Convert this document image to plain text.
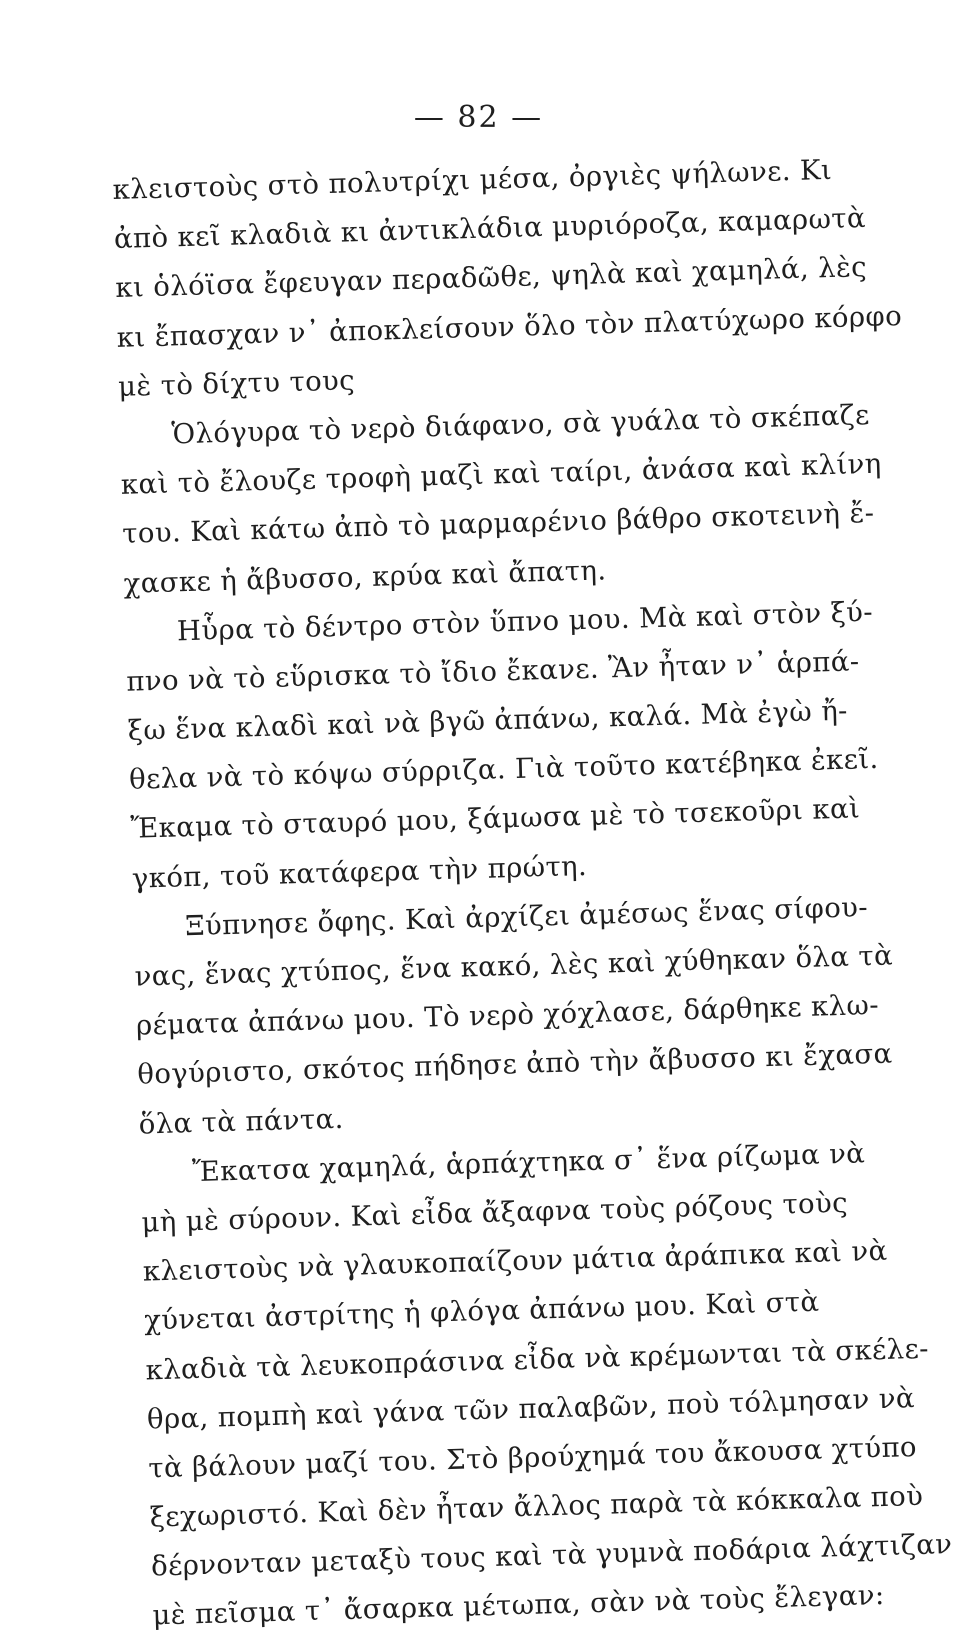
— 82 —
κλειστοὺς στὸ πολυτρίχι μέσα, ὀργιὲς ψήλωνε. Κι
ἀπὸ κεῖ κλαδιὰ κι ἀντικλάδια μυριόροζα, καμαρωτὰ
κι ὁλόϊσα ἔφευγαν περαδῶθε, ψηλὰ καὶ χαμηλά, λὲς
κι ἔπασχαν ν᾿ ἀποκλείσουν ὅλο τὸν πλατύχωρο κόρφο
μὲ τὸ δίχτυ τους
Ὁλόγυρα τὸ νερὸ διάφανο, σὰ γυάλα τὸ σκέπαζε
καὶ τὸ ἔλουζε τροφὴ μαζὶ καὶ ταίρι, ἀνάσα καὶ κλίνη
του. Καὶ κάτω ἀπὸ τὸ μαρμαρένιο βάθρο σκοτεινὴ ἔ-
χασκε ἡ ἄβυσσο, κρύα καὶ ἄπατη.
Ηὗρα τὸ δέντρο στὸν ὕπνο μου. Μὰ καὶ στὸν ξύ-
πνο νὰ τὸ εὕρισκα τὸ ἴδιο ἔκανε. Ἂν ἦταν ν᾿ ἁρπά-
ξω ἕνα κλαδὶ καὶ νὰ βγῶ ἀπάνω, καλά. Μὰ ἐγὼ ἤ-
θελα νὰ τὸ κόψω σύρριζα. Γιὰ τοῦτο κατέβηκα ἐκεῖ.
Ἔκαμα τὸ σταυρό μου, ξάμωσα μὲ τὸ τσεκοῦρι καὶ
γκόπ, τοῦ κατάφερα τὴν πρώτη.
Ξύπνησε ὄφης. Καὶ ἀρχίζει ἀμέσως ἕνας σίφου-
νας, ἕνας χτύπος, ἕνα κακό, λὲς καὶ χύθηκαν ὅλα τὰ
ρέματα ἀπάνω μου. Τὸ νερὸ χόχλασε, δάρθηκε κλω-
θογύριστο, σκότος πήδησε ἀπὸ τὴν ἄβυσσο κι ἔχασα
ὅλα τὰ πάντα.
Ἔκατσα χαμηλά, ἁρπάχτηκα σ᾿ ἕνα ρίζωμα νὰ
μὴ μὲ σύρουν. Καὶ εἶδα ἄξαφνα τοὺς ρόζους τοὺς
κλειστοὺς νὰ γλαυκοπαίζουν μάτια ἀράπικα καὶ νὰ
χύνεται ἀστρίτης ἡ φλόγα ἀπάνω μου. Καὶ στὰ
κλαδιὰ τὰ λευκοπράσινα εἶδα νὰ κρέμωνται τὰ σκέλε-
θρα, πομπὴ καὶ γάνα τῶν παλαβῶν, ποὺ τόλμησαν νὰ
τὰ βάλουν μαζί του. Στὸ βρούχημά του ἄκουσα χτύπο
ξεχωριστό. Καὶ δὲν ἦταν ἄλλος παρὰ τὰ κόκκαλα ποὺ
δέρνονταν μεταξὺ τους καὶ τὰ γυμνὰ ποδάρια λάχτιζαν
μὲ πεῖσμα τ᾿ ἄσαρκα μέτωπα, σὰν νὰ τοὺς ἔλεγαν:
